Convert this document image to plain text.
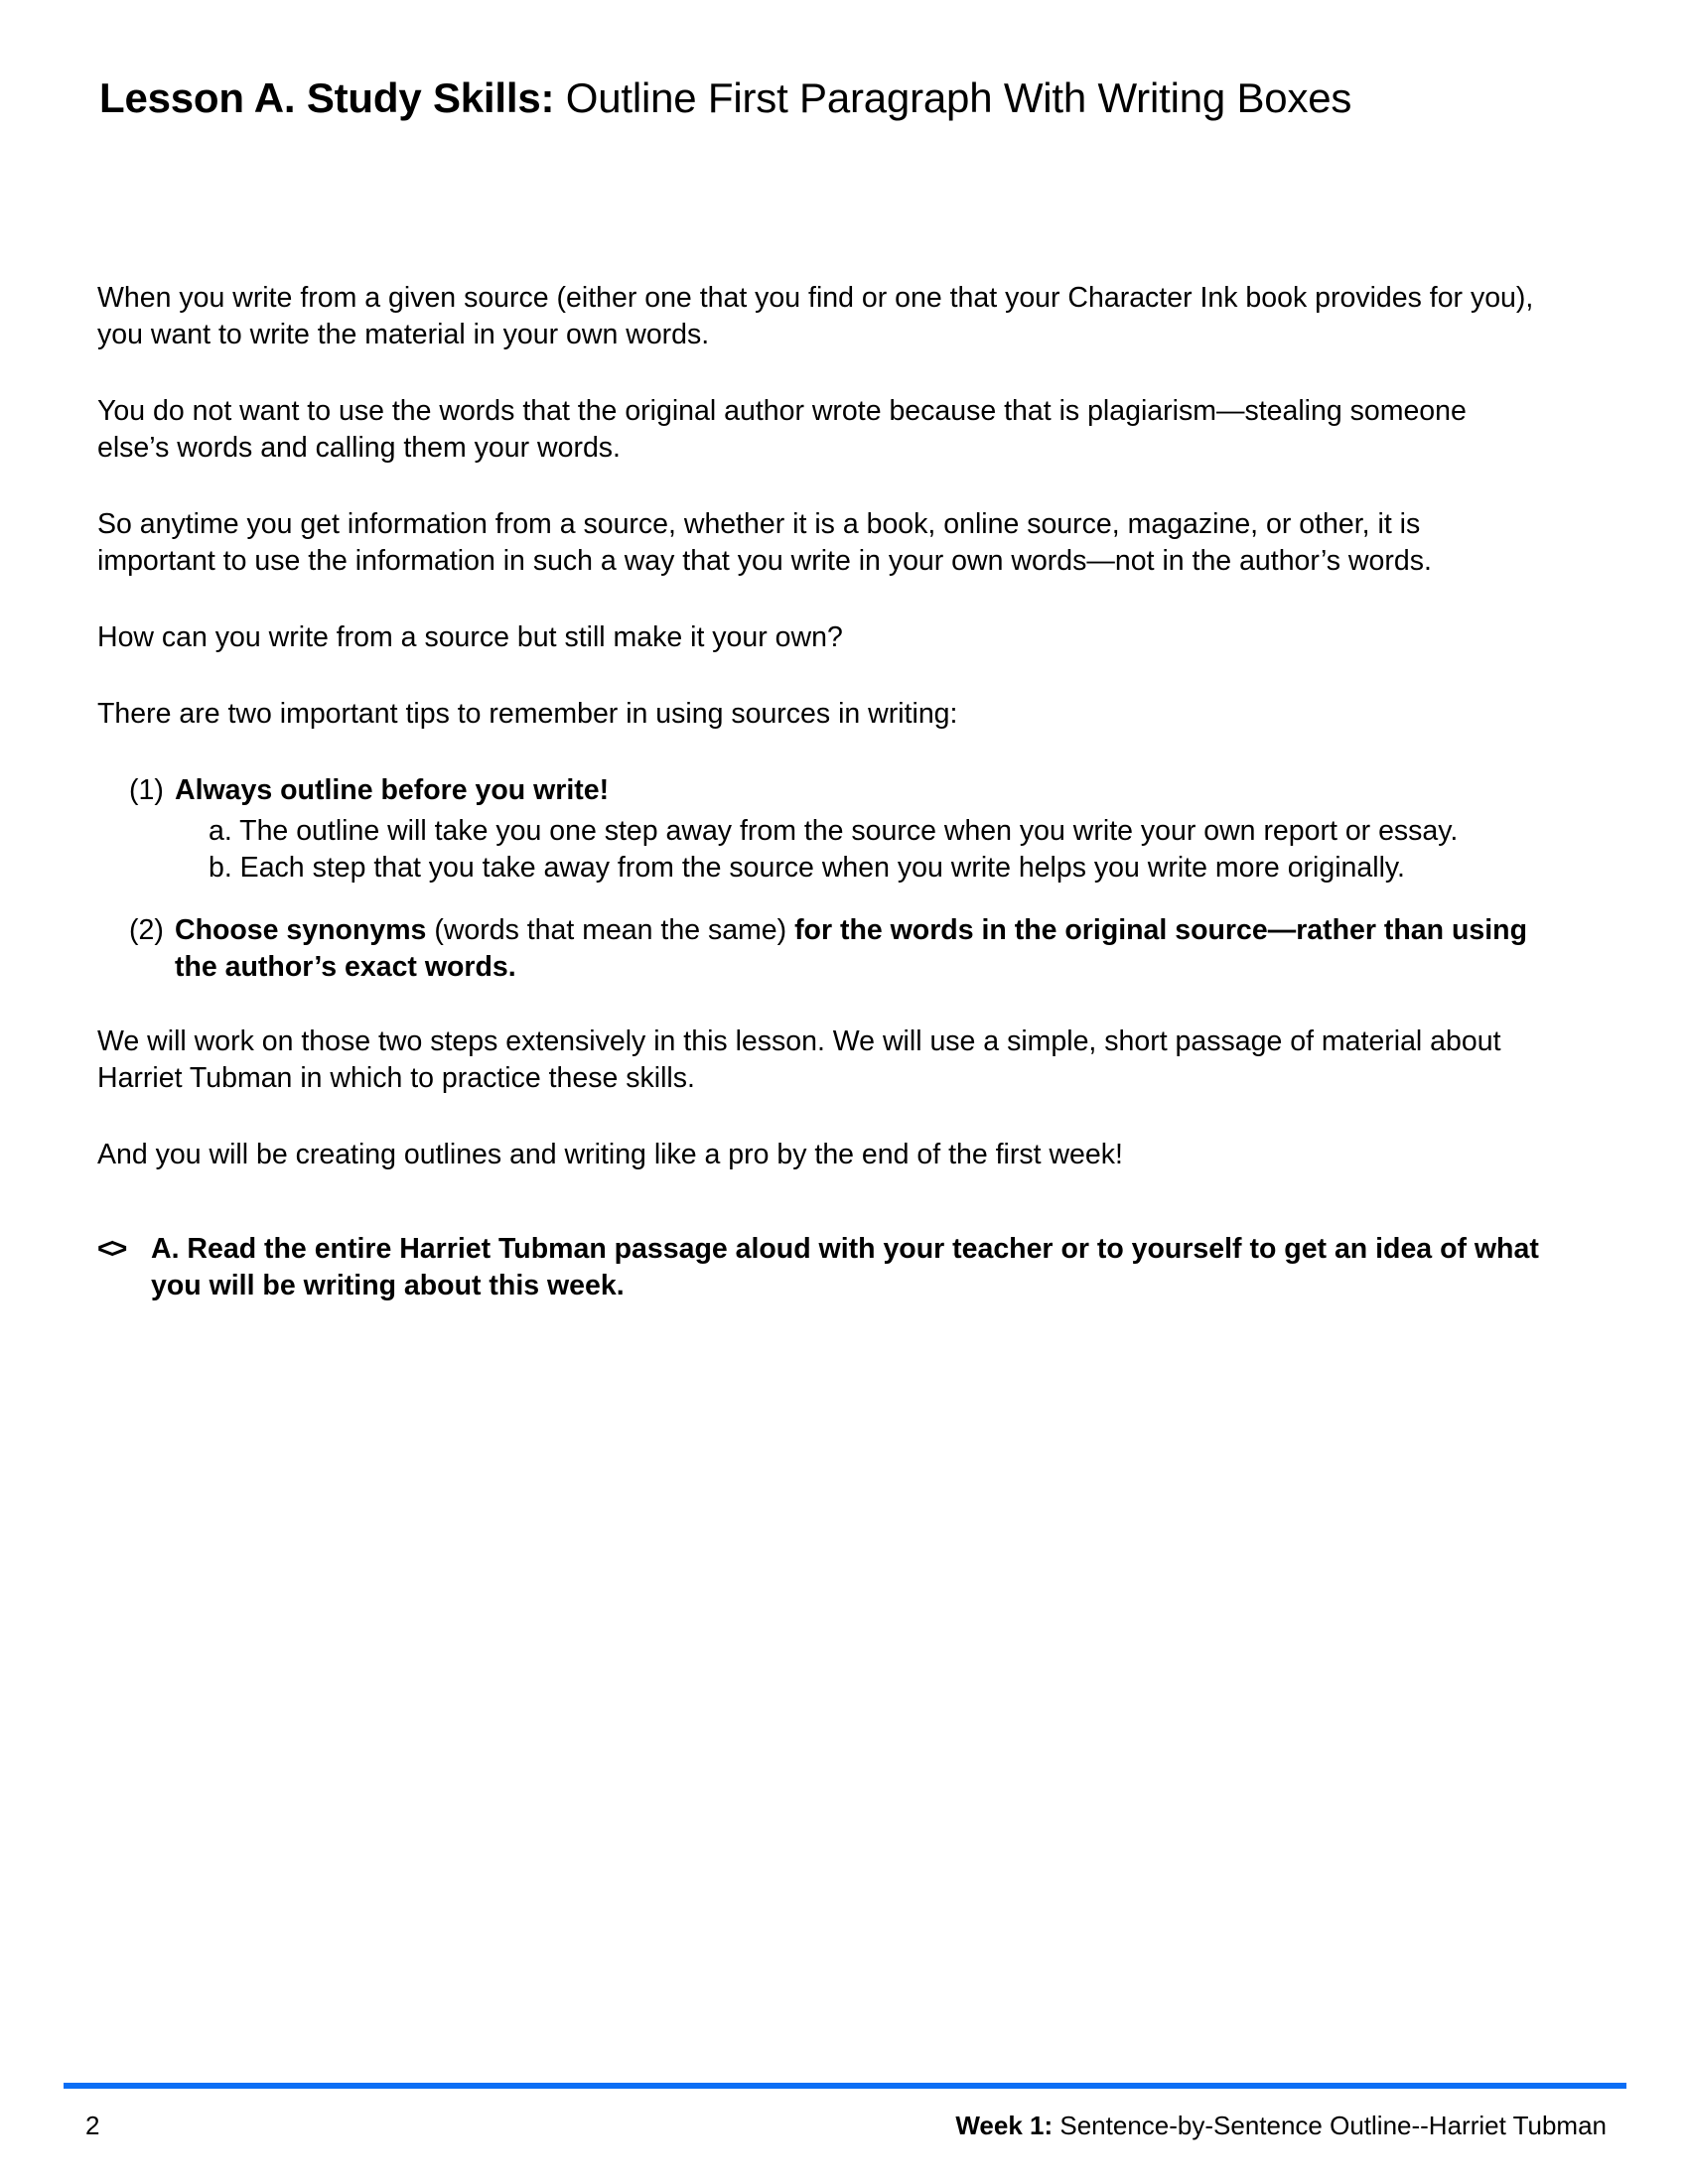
Lesson A. Study Skills: Outline First Paragraph With Writing Boxes

When you write from a given source (either one that you find or one that your Character Ink book provides for you), you want to write the material in your own words.

You do not want to use the words that the original author wrote because that is plagiarism—stealing someone else’s words and calling them your words.

So anytime you get information from a source, whether it is a book, online source, magazine, or other, it is important to use the information in such a way that you write in your own words—not in the author’s words.

How can you write from a source but still make it your own?

There are two important tips to remember in using sources in writing:

(1) Always outline before you write!
a. The outline will take you one step away from the source when you write your own report or essay.
b. Each step that you take away from the source when you write helps you write more originally.
(2) Choose synonyms (words that mean the same) for the words in the original source—rather than using the author’s exact words.

We will work on those two steps extensively in this lesson. We will use a simple, short passage of material about Harriet Tubman in which to practice these skills.

And you will be creating outlines and writing like a pro by the end of the first week!

<> A. Read the entire Harriet Tubman passage aloud with your teacher or to yourself to get an idea of what you will be writing about this week.
2	Week 1: Sentence-by-Sentence Outline--Harriet Tubman
